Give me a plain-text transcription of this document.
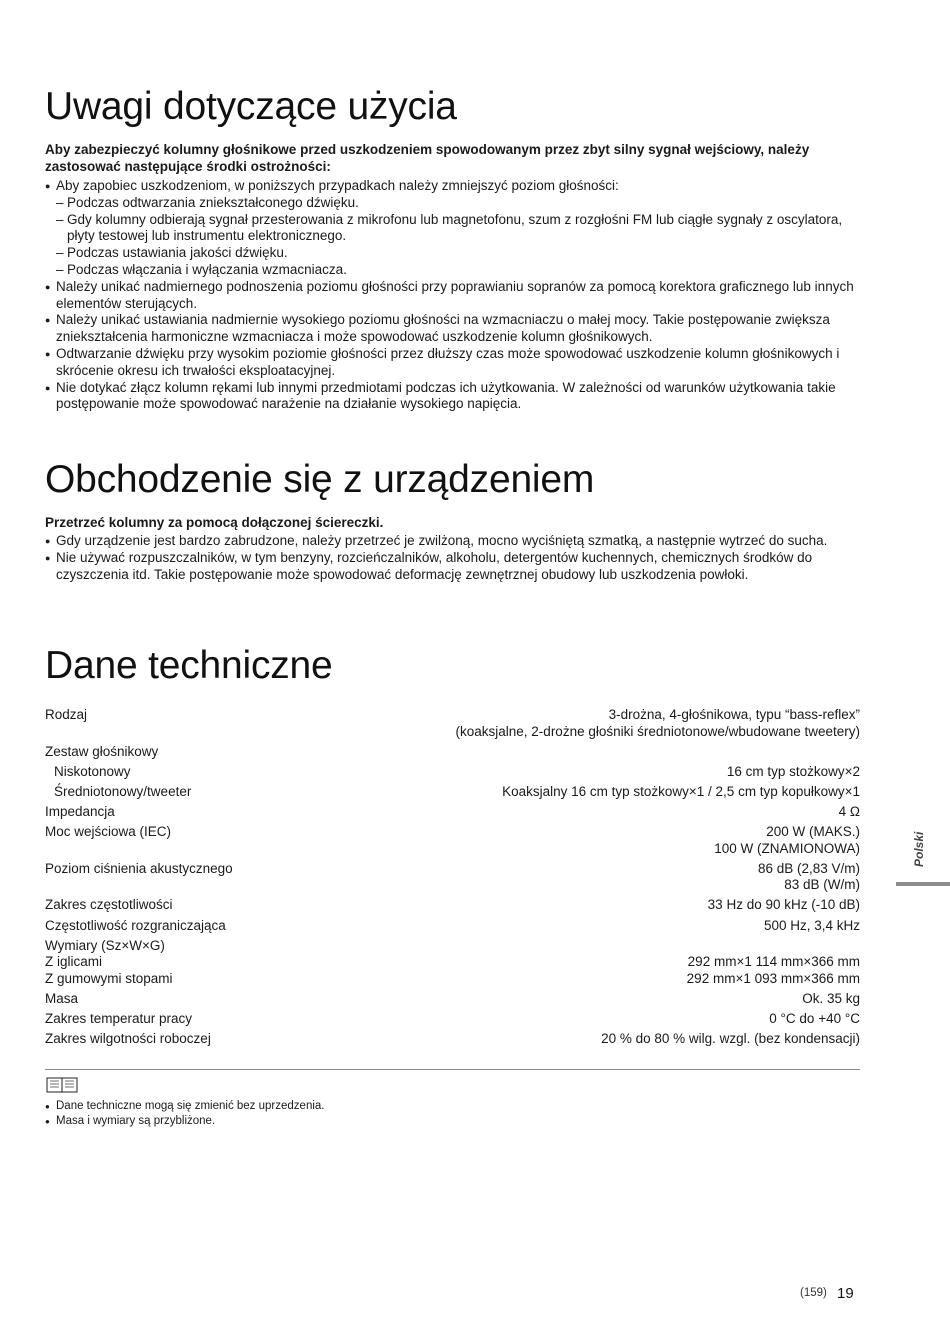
Uwagi dotyczące użycia

Aby zabezpieczyć kolumny głośnikowe przed uszkodzeniem spowodowanym przez zbyt silny sygnał wejściowy, należy zastosować następujące środki ostrożności:

● Aby zapobiec uszkodzeniom, w poniższych przypadkach należy zmniejszyć poziom głośności:
– Podczas odtwarzania zniekształconego dźwięku.
– Gdy kolumny odbierają sygnał przesterowania z mikrofonu lub magnetofonu, szum z rozgłośni FM lub ciągłe sygnały z oscylatora, płyty testowej lub instrumentu elektronicznego.
– Podczas ustawiania jakości dźwięku.
– Podczas włączania i wyłączania wzmacniacza.
● Należy unikać nadmiernego podnoszenia poziomu głośności przy poprawianiu sopranów za pomocą korektora graficznego lub innych elementów sterujących.
● Należy unikać ustawiania nadmiernie wysokiego poziomu głośności na wzmacniaczu o małej mocy. Takie postępowanie zwiększa zniekształcenia harmoniczne wzmacniacza i może spowodować uszkodzenie kolumn głośnikowych.
● Odtwarzanie dźwięku przy wysokim poziomie głośności przez dłuższy czas może spowodować uszkodzenie kolumn głośnikowych i skrócenie okresu ich trwałości eksploatacyjnej.
● Nie dotykać złącz kolumn rękami lub innymi przedmiotami podczas ich użytkowania. W zależności od warunków użytkowania takie postępowanie może spowodować narażenie na działanie wysokiego napięcia.
Obchodzenie się z urządzeniem

Przetrzeć kolumny za pomocą dołączonej ściereczki.

● Gdy urządzenie jest bardzo zabrudzone, należy przetrzeć je zwilżoną, mocno wyciśniętą szmatką, a następnie wytrzeć do sucha.
● Nie używać rozpuszczalników, w tym benzyny, rozcieńczalników, alkoholu, detergentów kuchennych, chemicznych środków do czyszczenia itd. Takie postępowanie może spowodować deformację zewnętrznej obudowy lub uszkodzenia powłoki.
Dane techniczne
Rodzaj	3-drożna, 4-głośnikowa, typu “bass-reflex”
(koaksjalne, 2-drożne głośniki średniotonowe/wbudowane tweetery)
Zestaw głośnikowy
Niskotonowy	16 cm typ stożkowy×2
Średniotonowy/tweeter	Koaksjalny 16 cm typ stożkowy×1 / 2,5 cm typ kopułkowy×1
Impedancja	4 Ω
Moc wejściowa (IEC)	200 W (MAKS.)
100 W (ZNAMIONOWA)
Poziom ciśnienia akustycznego	86 dB (2,83 V/m)
83 dB (W/m)
Zakres częstotliwości	33 Hz do 90 kHz (-10 dB)
Częstotliwość rozgraniczająca	500 Hz, 3,4 kHz
Wymiary (Sz×W×G)
Z iglicami	292 mm×1 114 mm×366 mm
Z gumowymi stopami	292 mm×1 093 mm×366 mm
Masa	Ok. 35 kg
Zakres temperatur pracy	0 °C do +40 °C
Zakres wilgotności roboczej	20 % do 80 % wilg. wzgl. (bez kondensacji)
● Dane techniczne mogą się zmienić bez uprzedzenia.
● Masa i wymiary są przybliżone.
Polski
(159) 19
